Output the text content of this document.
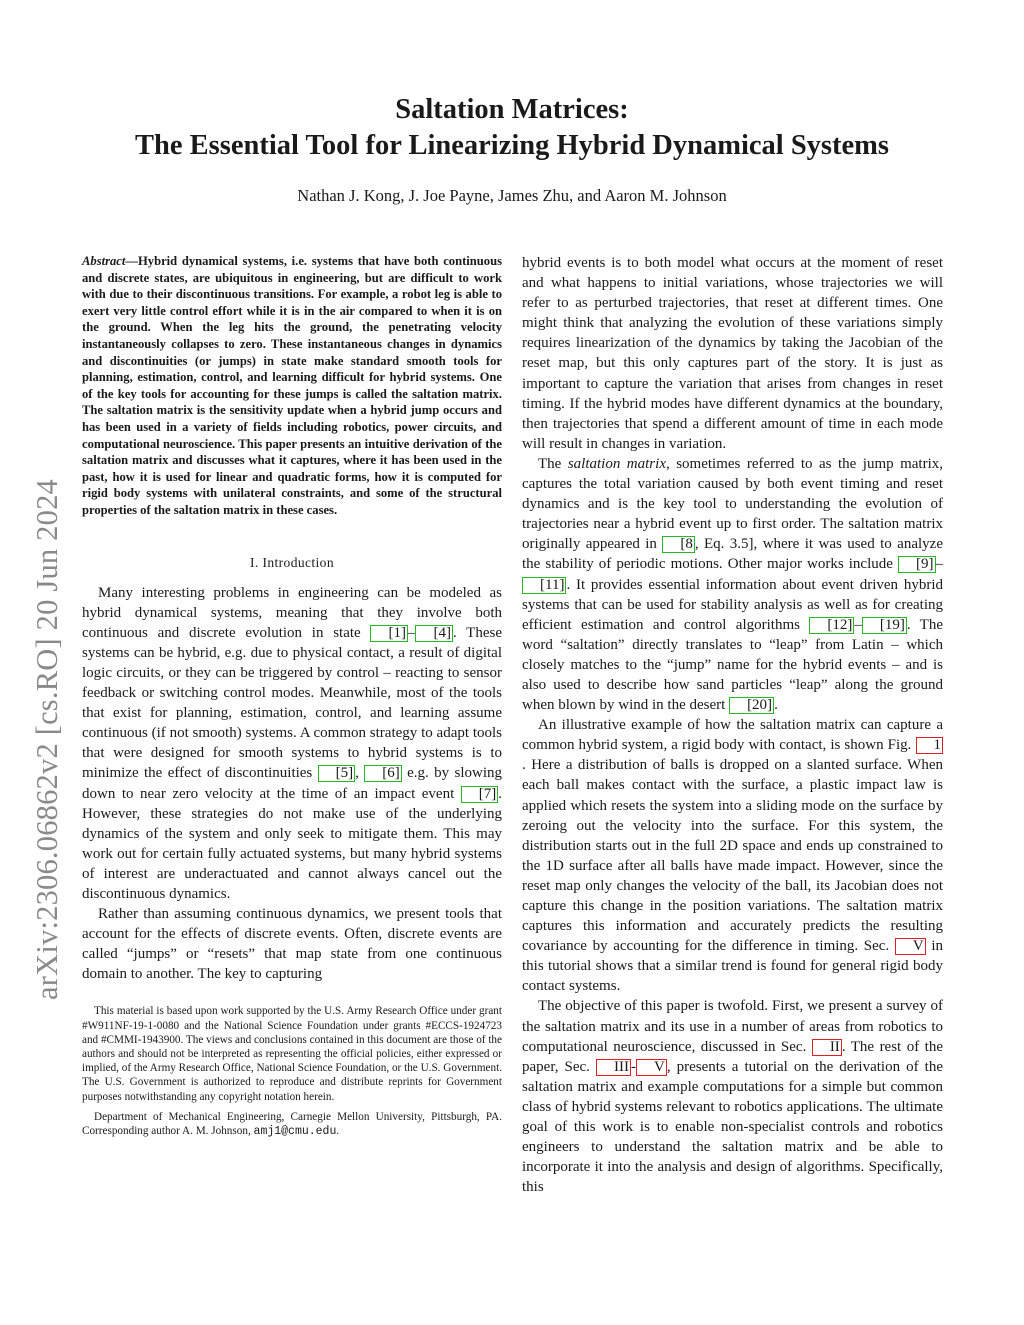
arXiv:2306.06862v2 [cs.RO] 20 Jun 2024
Saltation Matrices:
The Essential Tool for Linearizing Hybrid Dynamical Systems
Nathan J. Kong, J. Joe Payne, James Zhu, and Aaron M. Johnson

Abstract—Hybrid dynamical systems, i.e. systems that have both continuous and discrete states, are ubiquitous in engineering, but are difficult to work with due to their discontinuous transitions. For example, a robot leg is able to exert very little control effort while it is in the air compared to when it is on the ground. When the leg hits the ground, the penetrating velocity instantaneously collapses to zero. These instantaneous changes in dynamics and discontinuities (or jumps) in state make standard smooth tools for planning, estimation, control, and learning difficult for hybrid systems. One of the key tools for accounting for these jumps is called the saltation matrix. The saltation matrix is the sensitivity update when a hybrid jump occurs and has been used in a variety of fields including robotics, power circuits, and computational neuroscience. This paper presents an intuitive derivation of the saltation matrix and discusses what it captures, where it has been used in the past, how it is used for linear and quadratic forms, how it is computed for rigid body systems with unilateral constraints, and some of the structural properties of the saltation matrix in these cases.

I. Introduction

Many interesting problems in engineering can be modeled as hybrid dynamical systems, meaning that they involve both continuous and discrete evolution in state [1] – [4] . These systems can be hybrid, e.g. due to physical contact, a result of digital logic circuits, or they can be triggered by control – reacting to sensor feedback or switching control modes. Meanwhile, most of the tools that exist for planning, estimation, control, and learning assume continuous (if not smooth) systems. A common strategy to adapt tools that were designed for smooth systems to hybrid systems is to minimize the effect of discontinuities [5] , [6] e.g. by slowing down to near zero velocity at the time of an impact event [7] . However, these strategies do not make use of the underlying dynamics of the system and only seek to mitigate them. This may work out for certain fully actuated systems, but many hybrid systems of interest are underactuated and cannot always cancel out the discontinuous dynamics.

Rather than assuming continuous dynamics, we present tools that account for the effects of discrete events. Often, discrete events are called “jumps” or “resets” that map state from one continuous domain to another. The key to capturing

This material is based upon work supported by the U.S. Army Research Office under grant #W911NF-19-1-0080 and the National Science Foundation under grants #ECCS-1924723 and #CMMI-1943900. The views and conclusions contained in this document are those of the authors and should not be interpreted as representing the official policies, either expressed or implied, of the Army Research Office, National Science Foundation, or the U.S. Government. The U.S. Government is authorized to reproduce and distribute reprints for Government purposes notwithstanding any copyright notation herein.

Department of Mechanical Engineering, Carnegie Mellon University, Pittsburgh, PA. Corresponding author A. M. Johnson, amj1@cmu.edu.

hybrid events is to both model what occurs at the moment of reset and what happens to initial variations, whose trajectories we will refer to as perturbed trajectories, that reset at different times. One might think that analyzing the evolution of these variations simply requires linearization of the dynamics by taking the Jacobian of the reset map, but this only captures part of the story. It is just as important to capture the variation that arises from changes in reset timing. If the hybrid modes have different dynamics at the boundary, then trajectories that spend a different amount of time in each mode will result in changes in variation.

The saltation matrix, sometimes referred to as the jump matrix, captures the total variation caused by both event timing and reset dynamics and is the key tool to understanding the evolution of trajectories near a hybrid event up to first order. The saltation matrix originally appeared in [8 , Eq. 3.5], where it was used to analyze the stability of periodic motions. Other major works include [9] –[11] . It provides essential information about event driven hybrid systems that can be used for stability analysis as well as for creating efficient estimation and control algorithms [12] – [19] . The word “saltation” directly translates to “leap” from Latin – which closely matches to the “jump” name for the hybrid events – and is also used to describe how sand particles “leap” along the ground when blown by wind in the desert [20] .

An illustrative example of how the saltation matrix can capture a common hybrid system, a rigid body with contact, is shown Fig. 1. Here a distribution of balls is dropped on a slanted surface. When each ball makes contact with the surface, a plastic impact law is applied which resets the system into a sliding mode on the surface by zeroing out the velocity into the surface. For this system, the distribution starts out in the full 2D space and ends up constrained to the 1D surface after all balls have made impact. However, since the reset map only changes the velocity of the ball, its Jacobian does not capture this change in the position variations. The saltation matrix captures this information and accurately predicts the resulting covariance by accounting for the difference in timing. Sec. V in this tutorial shows that a similar trend is found for general rigid body contact systems.

The objective of this paper is twofold. First, we present a survey of the saltation matrix and its use in a number of areas from robotics to computational neuroscience, discussed in Sec. II . The rest of the paper, Sec. III - V , presents a tutorial on the derivation of the saltation matrix and example computations for a simple but common class of hybrid systems relevant to robotics applications. The ultimate goal of this work is to enable non-specialist controls and robotics engineers to understand the saltation matrix and be able to incorporate it into the analysis and design of algorithms. Specifically, this
